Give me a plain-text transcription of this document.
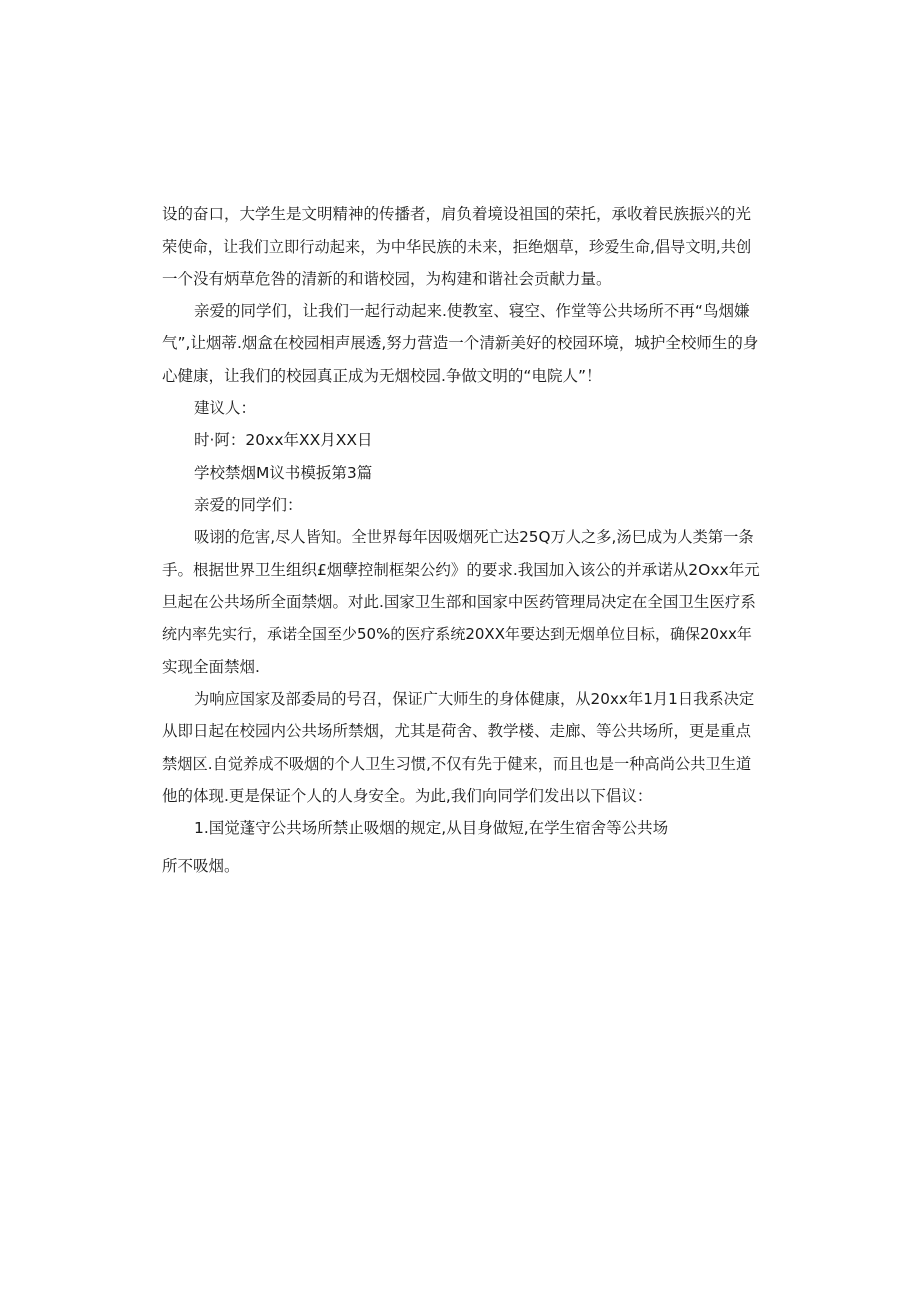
设的奋口，大学生是文明精神的传播者，肩负着境设祖国的荣托，承收着民族振兴的光

荣使命，让我们立即行动起来，为中华民族的未来，拒绝烟草，珍爱生命,倡导文明,共创

一个没有炳草危咎的清新的和谐校园，为构建和谐社会贡献力量。

亲爱的同学们，让我们一起行动起来.使教室、寝空、作堂等公共场所不再“鸟烟嫌

气”,让烟蒂.烟盒在校园相声展透,努力营造一个清新美好的校园环境，城护全校师生的身

心健康，让我们的校园真正成为无烟校园.争做文明的“电院人”！

建议人：

时·阿：20xx年XX月XX日

学校禁烟M议书模扳第3篇

亲爱的同学们：

吸诩的危害,尽人皆知。全世界每年因吸烟死亡达25Q万人之多,汤巳成为人类第一条

手。根据世界卫生组织£烟孽控制框架公约》的要求.我国加入该公的并承诺从2Oxx年元

旦起在公共场所全面禁烟。对此.国家卫生部和国家中医药管理局决定在全国卫生医疗系

统内率先实行，承诺全国至少50%的医疗系统20XX年要达到无烟单位目标，确保20xx年

实现全面禁烟.

为响应国家及部委局的号召，保证广大师生的身体健康，从20xx年1月1日我系决定

从即日起在校园内公共场所禁烟，尤其是荷舍、教学楼、走廊、等公共场所，更是重点

禁烟区.自觉养成不吸烟的个人卫生习惯,不仅有先于健来，而且也是一种高尚公共卫生道

他的体现.更是保证个人的人身安全。为此,我们向同学们发出以下倡议：

1.国觉蓬守公共场所禁止吸烟的规定,从目身做短,在学生宿舍等公共场

所不吸烟。
